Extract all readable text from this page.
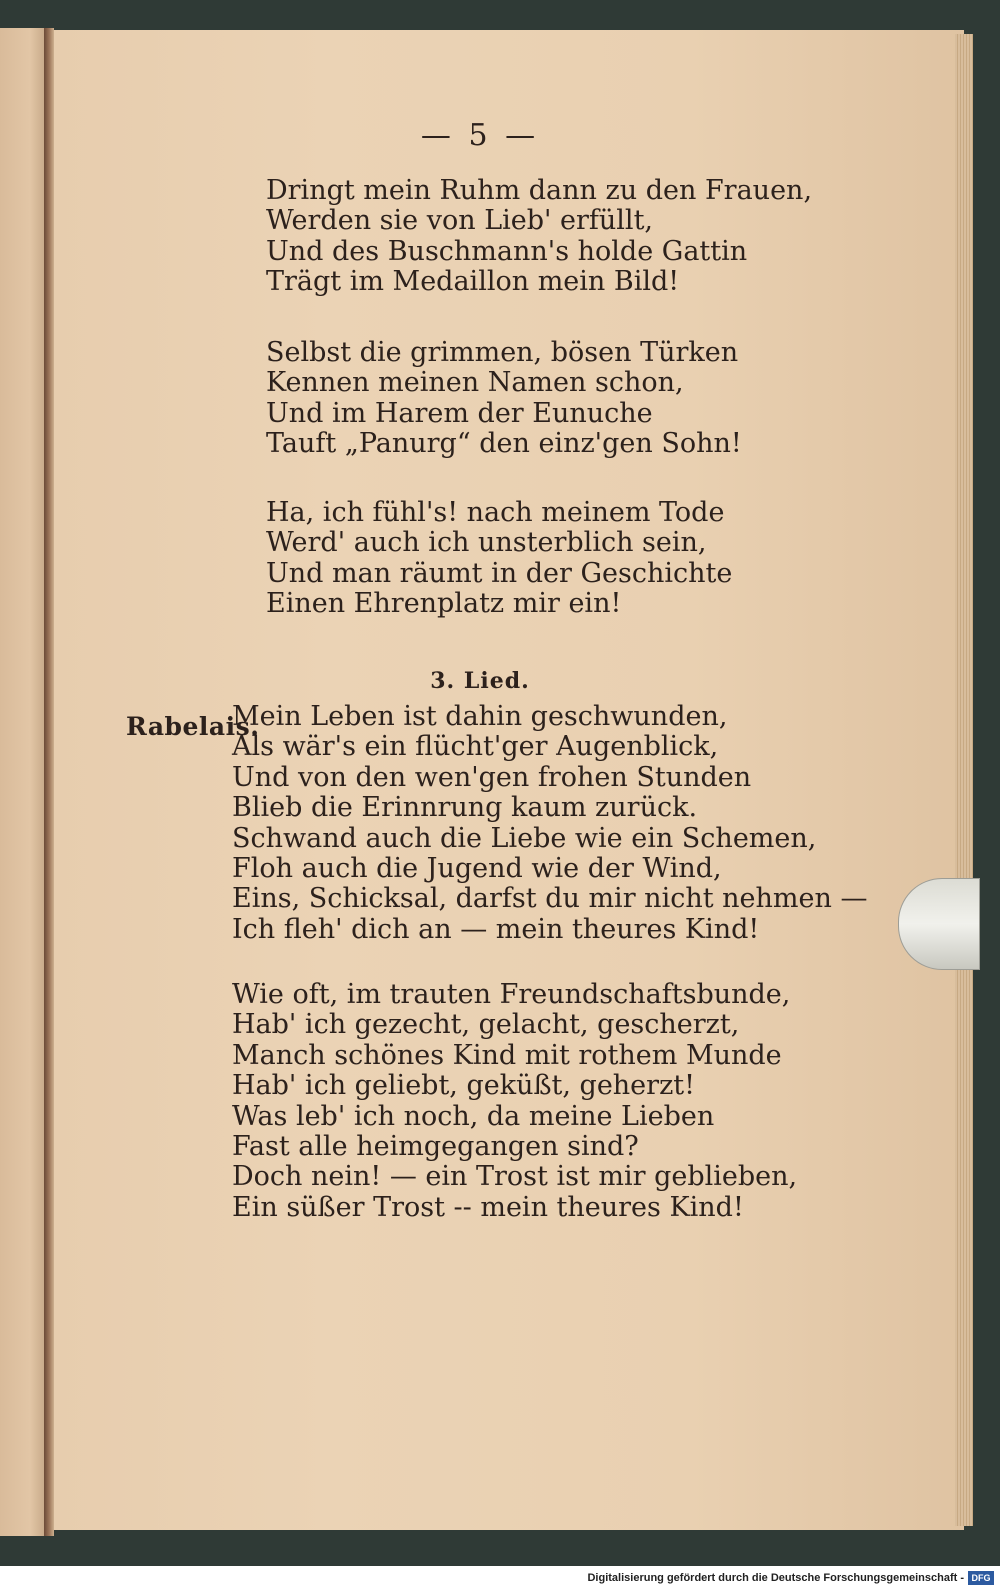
— 5 —
Dringt mein Ruhm dann zu den Frauen,
Werden sie von Lieb' erfüllt,
Und des Buschmann's holde Gattin
Trägt im Medaillon mein Bild!
Selbst die grimmen, bösen Türken
Kennen meinen Namen schon,
Und im Harem der Eunuche
Tauft „Panurg“ den einz'gen Sohn!
Ha, ich fühl's! nach meinem Tode
Werd' auch ich unsterblich sein,
Und man räumt in der Geschichte
Einen Ehrenplatz mir ein!
3. Lied.
Rabelais.
Mein Leben ist dahin geschwunden,
Als wär's ein flücht'ger Augenblick,
Und von den wen'gen frohen Stunden
Blieb die Erinnrung kaum zurück.
Schwand auch die Liebe wie ein Schemen,
Floh auch die Jugend wie der Wind,
Eins, Schicksal, darfst du mir nicht nehmen —
Ich fleh' dich an — mein theures Kind!
Wie oft, im trauten Freundschaftsbunde,
Hab' ich gezecht, gelacht, gescherzt,
Manch schönes Kind mit rothem Munde
Hab' ich geliebt, geküßt, geherzt!
Was leb' ich noch, da meine Lieben
Fast alle heimgegangen sind?
Doch nein! — ein Trost ist mir geblieben,
Ein süßer Trost -- mein theures Kind!
Digitalisierung gefördert durch die Deutsche Forschungsgemeinschaft - DFG
